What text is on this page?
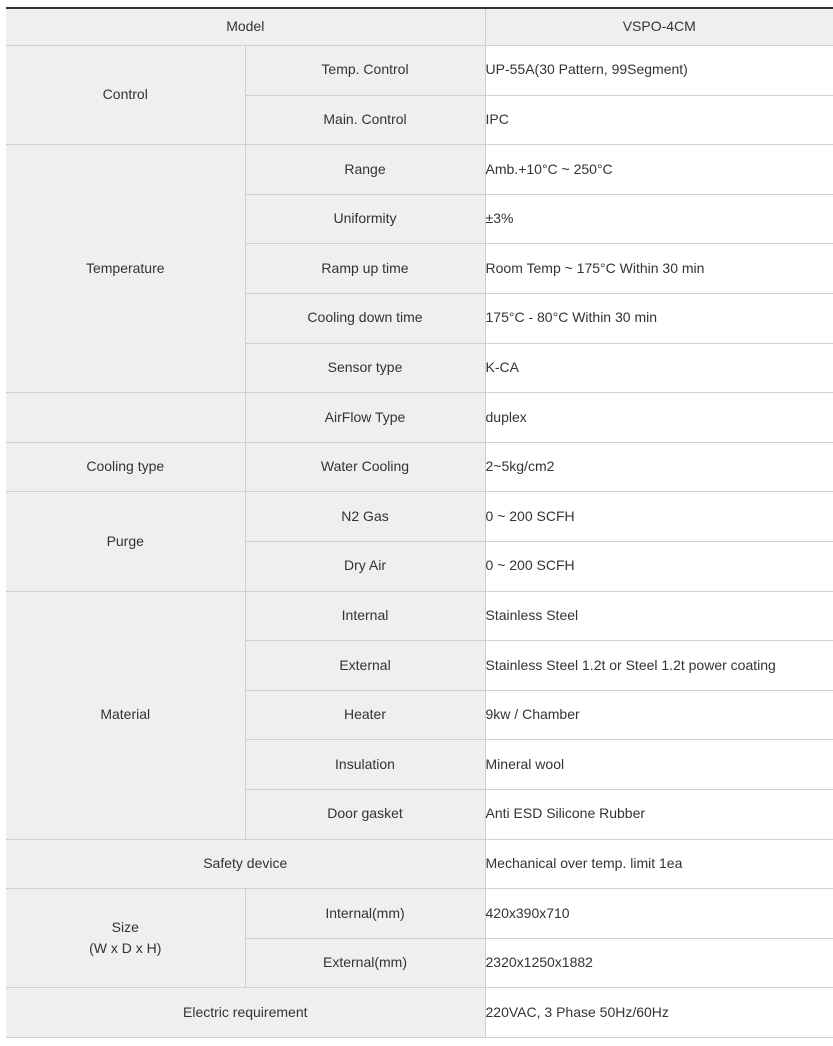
Model		VSPO-4CM
Control	Temp. Control	UP-55A(30 Pattern, 99Segment)
	Main. Control	IPC
Temperature	Range	Amb.+10°C ~ 250°C
	Uniformity	±3%
	Ramp up time	Room Temp ~ 175°C Within 30 min
	Cooling down time	175°C - 80°C Within 30 min
	Sensor type	K-CA
	AirFlow Type	duplex
Cooling type	Water Cooling	2~5kg/cm2
Purge	N2 Gas	0 ~ 200 SCFH
	Dry Air	0 ~ 200 SCFH
Material	Internal	Stainless Steel
	External	Stainless Steel 1.2t or Steel 1.2t power coating
	Heater	9kw / Chamber
	Insulation	Mineral wool
	Door gasket	Anti ESD Silicone Rubber
Safety device		Mechanical over temp. limit 1ea

Size
(W x D x H)	Internal(mm)	420x390x710
	External(mm)	2320x1250x1882
Electric requirement		220VAC, 3 Phase 50Hz/60Hz
